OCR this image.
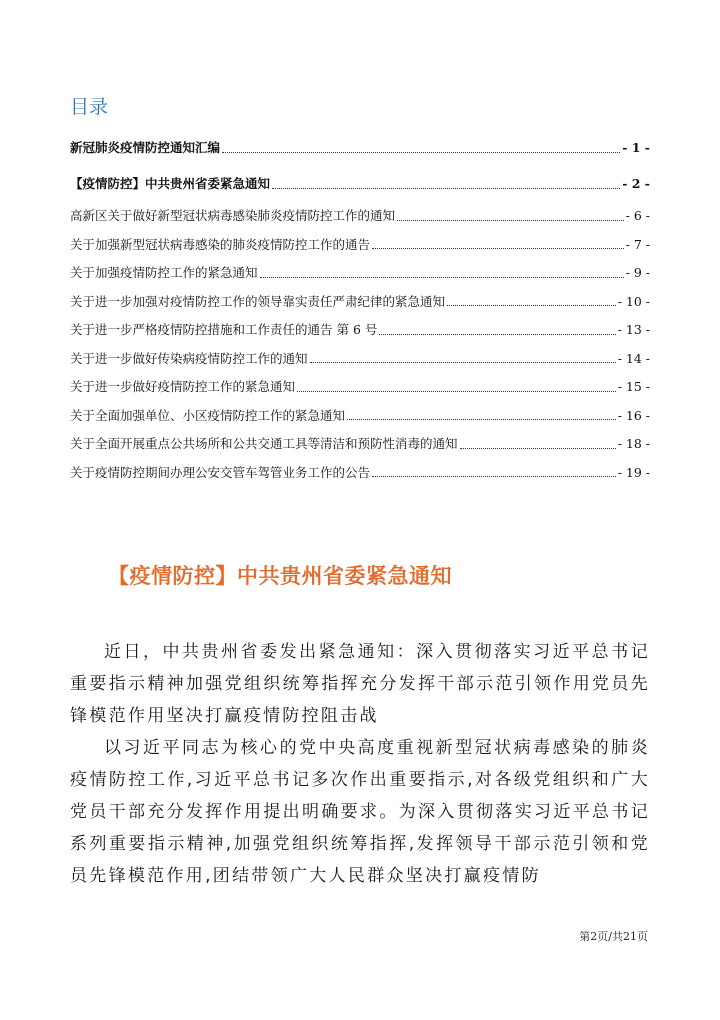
目录
新冠肺炎疫情防控通知汇编	- 1 -
【疫情防控】中共贵州省委紧急通知	- 2 -
高新区关于做好新型冠状病毒感染肺炎疫情防控工作的通知	- 6 -
关于加强新型冠状病毒感染的肺炎疫情防控工作的通告	- 7 -
关于加强疫情防控工作的紧急通知	- 9 -
关于进一步加强对疫情防控工作的领导靠实责任严肃纪律的紧急通知	- 10 -
关于进一步严格疫情防控措施和工作责任的通告 第 6 号	- 13 -
关于进一步做好传染病疫情防控工作的通知	- 14 -
关于进一步做好疫情防控工作的紧急通知	- 15 -
关于全面加强单位、小区疫情防控工作的紧急通知	- 16 -
关于全面开展重点公共场所和公共交通工具等清洁和预防性消毒的通知	- 18 -
关于疫情防控期间办理公安交管车驾管业务工作的公告	- 19 -
【疫情防控】中共贵州省委紧急通知

近日，中共贵州省委发出紧急通知：深入贯彻落实习近平总书记重要指示精神加强党组织统筹指挥充分发挥干部示范引领作用党员先锋模范作用坚决打赢疫情防控阻击战

以习近平同志为核心的党中央高度重视新型冠状病毒感染的肺炎疫情防控工作,习近平总书记多次作出重要指示,对各级党组织和广大党员干部充分发挥作用提出明确要求。为深入贯彻落实习近平总书记系列重要指示精神,加强党组织统筹指挥,发挥领导干部示范引领和党员先锋模范作用,团结带领广大人民群众坚决打赢疫情防

第2页/共21页
